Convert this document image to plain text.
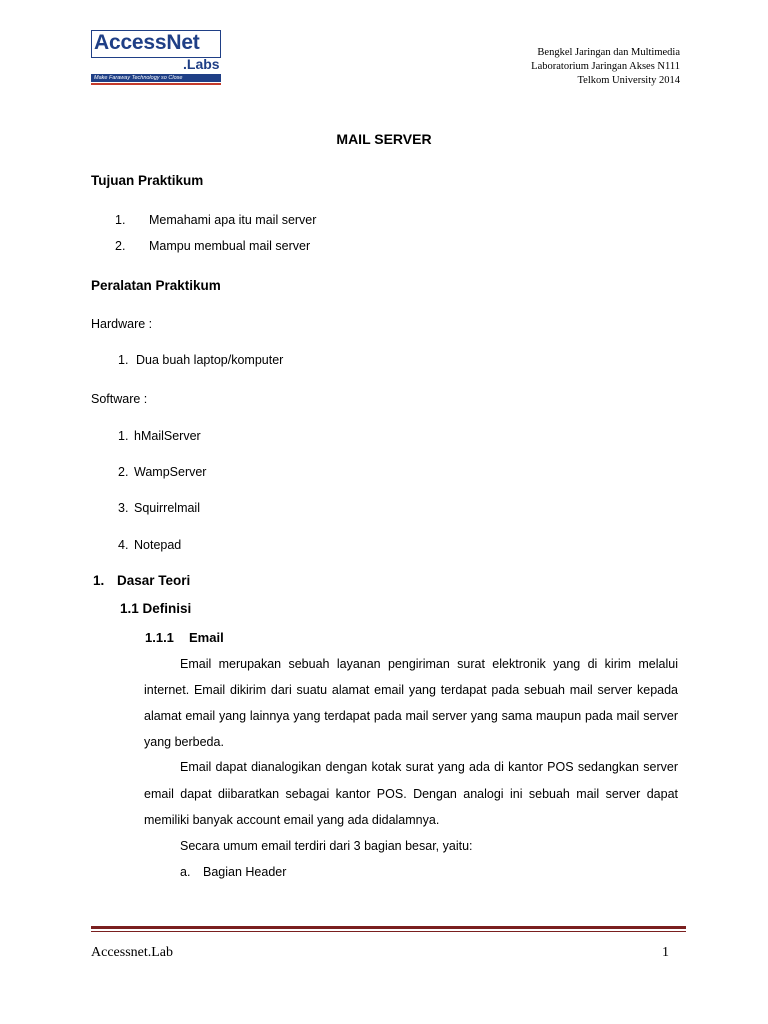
AccessNet
.Labs
Make Faraway Technology so Close
Bengkel Jaringan dan Multimedia
Laboratorium Jaringan Akses N111
Telkom University 2014
MAIL SERVER
Tujuan Praktikum
1. Memahami apa itu mail server
2. Mampu membual mail server
Peralatan Praktikum
Hardware :
1. Dua buah laptop/komputer
Software :
1. hMailServer
2. WampServer
3. Squirrelmail
4. Notepad
1. Dasar Teori
1.1 Definisi
1.1.1 Email
Email merupakan sebuah layanan pengiriman surat elektronik yang di kirim melalui
internet. Email dikirim dari suatu alamat email yang terdapat pada sebuah mail server kepada
alamat email yang lainnya yang terdapat pada mail server yang sama maupun pada mail server
yang berbeda.
Email dapat dianalogikan dengan kotak surat yang ada di kantor POS sedangkan server
email dapat diibaratkan sebagai kantor POS. Dengan analogi ini sebuah mail server dapat
memiliki banyak account email yang ada didalamnya.
Secara umum email terdiri dari 3 bagian besar, yaitu:
a. Bagian Header
Accessnet.Lab	1
